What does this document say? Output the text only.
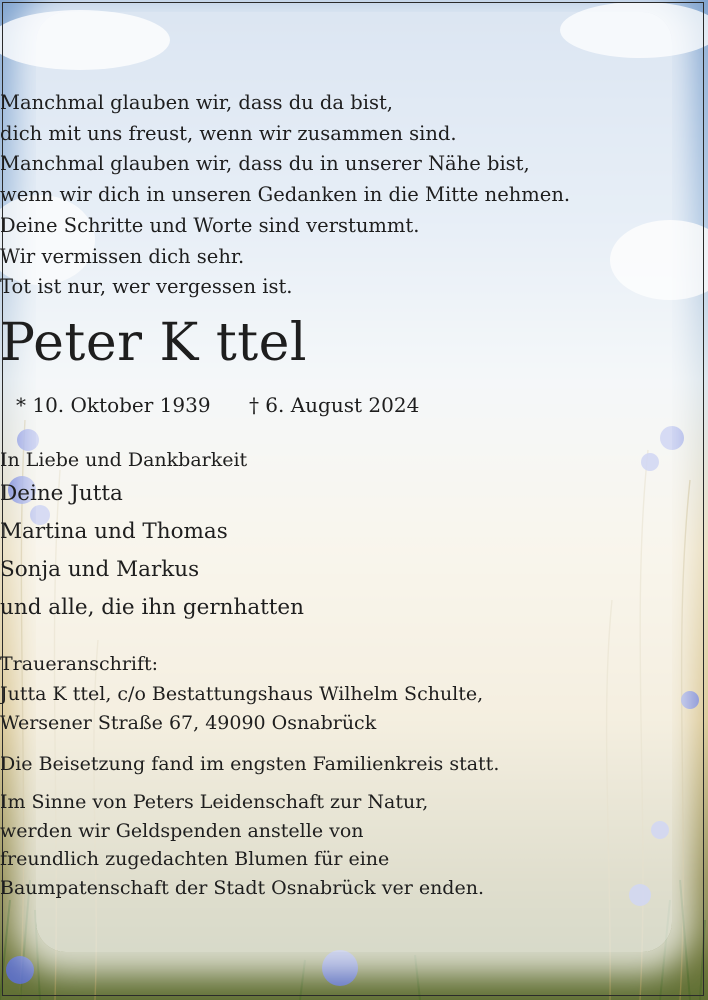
Manchmal glauben wir, dass du da bist,
dich mit uns freust, wenn wir zusammen sind.
Manchmal glauben wir, dass du in unserer Nähe bist,
wenn wir dich in unseren Gedanken in die Mitte nehmen.
Deine Schritte und Worte sind verstummt.
Wir vermissen dich sehr.
Tot ist nur, wer vergessen ist.
Peter K ttel
* 10. Oktober 1939 † 6. August 2024
In Liebe und Dankbarkeit
Deine Jutta
Martina und Thomas
Sonja und Markus
und alle, die ihn gernhatten
Traueranschrift:
Jutta K ttel, c/o Bestattungshaus Wilhelm Schulte,
Wersener Straße 67, 49090 Osnabrück
Die Beisetzung fand im engsten Familienkreis statt.
Im Sinne von Peters Leidenschaft zur Natur,
werden wir Geldspenden anstelle von
freundlich zugedachten Blumen für eine
Baumpatenschaft der Stadt Osnabrück ver enden.
